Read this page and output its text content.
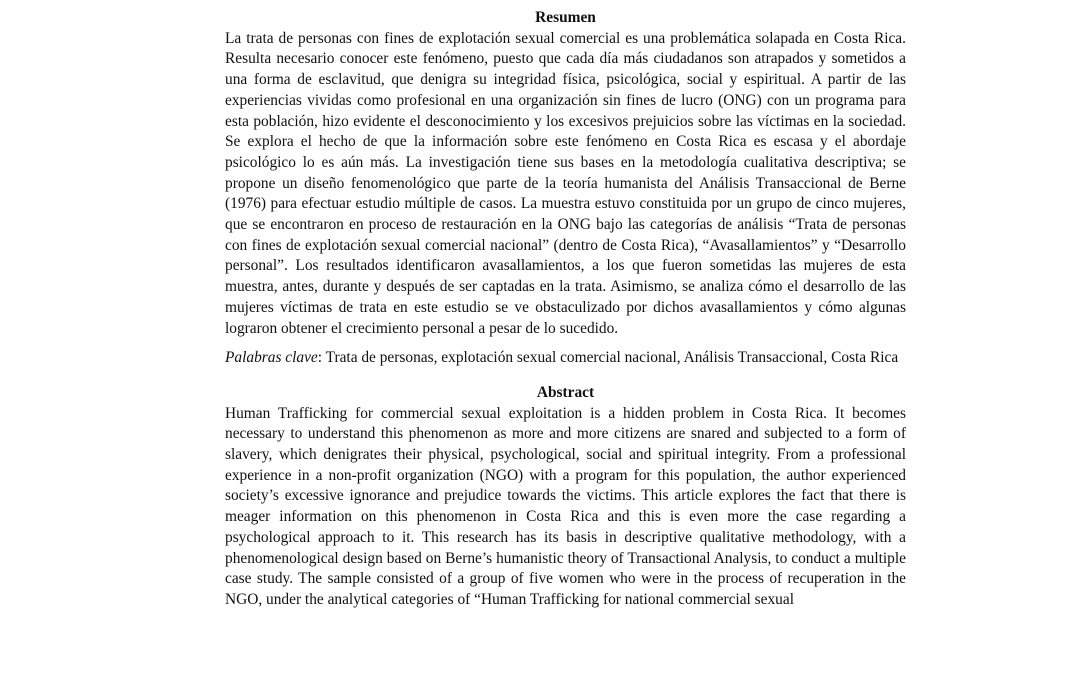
Resumen

La trata de personas con fines de explotación sexual comercial es una problemática solapada en Costa Rica. Resulta necesario conocer este fenómeno, puesto que cada día más ciudadanos son atrapados y sometidos a una forma de esclavitud, que denigra su integridad física, psicológica, social y espiritual. A partir de las experiencias vividas como profesional en una organización sin fines de lucro (ONG) con un programa para esta población, hizo evidente el desconocimiento y los excesivos prejuicios sobre las víctimas en la sociedad. Se explora el hecho de que la información sobre este fenómeno en Costa Rica es escasa y el abordaje psicológico lo es aún más. La investigación tiene sus bases en la metodología cualitativa descriptiva; se propone un diseño fenomenológico que parte de la teoría humanista del Análisis Transaccional de Berne (1976) para efectuar estudio múltiple de casos. La muestra estuvo constituida por un grupo de cinco mujeres, que se encontraron en proceso de restauración en la ONG bajo las categorías de análisis “Trata de personas con fines de explotación sexual comercial nacional” (dentro de Costa Rica), “Avasallamientos” y “Desarrollo personal”. Los resultados identificaron avasallamientos, a los que fueron sometidas las mujeres de esta muestra, antes, durante y después de ser captadas en la trata. Asimismo, se analiza cómo el desarrollo de las mujeres víctimas de trata en este estudio se ve obstaculizado por dichos avasallamientos y cómo algunas lograron obtener el crecimiento personal a pesar de lo sucedido.

Palabras clave: Trata de personas, explotación sexual comercial nacional, Análisis Transaccional, Costa Rica

Abstract

Human Trafficking for commercial sexual exploitation is a hidden problem in Costa Rica. It becomes necessary to understand this phenomenon as more and more citizens are snared and subjected to a form of slavery, which denigrates their physical, psychological, social and spiritual integrity. From a professional experience in a non-profit organization (NGO) with a program for this population, the author experienced society’s excessive ignorance and prejudice towards the victims. This article explores the fact that there is meager information on this phenomenon in Costa Rica and this is even more the case regarding a psychological approach to it. This research has its basis in descriptive qualitative methodology, with a phenomenological design based on Berne’s humanistic theory of Transactional Analysis, to conduct a multiple case study. The sample consisted of a group of five women who were in the process of recuperation in the NGO, under the analytical categories of “Human Trafficking for national commercial sexual
